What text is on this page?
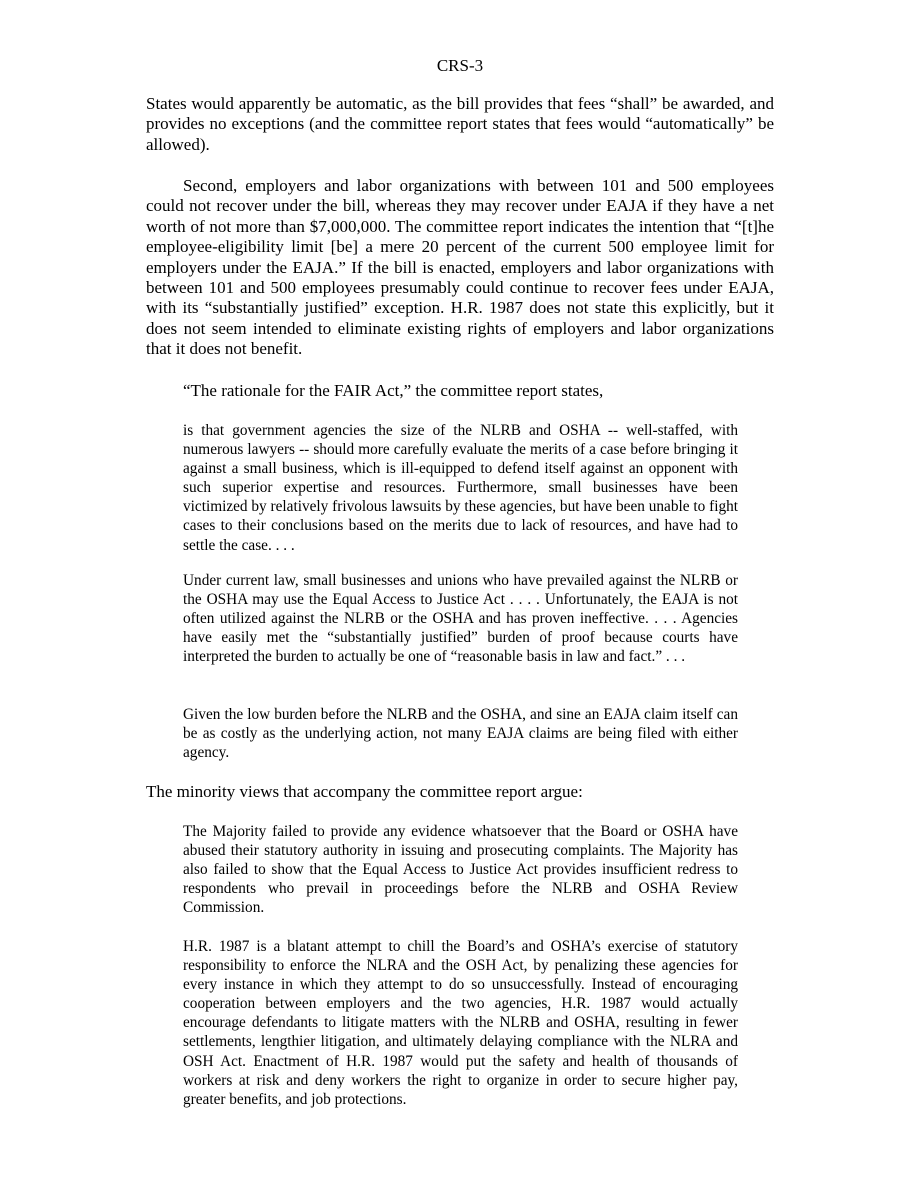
CRS-3

States would apparently be automatic, as the bill provides that fees “shall” be awarded, and provides no exceptions (and the committee report states that fees would “automatically” be allowed).

Second, employers and labor organizations with between 101 and 500 employees could not recover under the bill, whereas they may recover under EAJA if they have a net worth of not more than $7,000,000. The committee report indicates the intention that “[t]he employee-eligibility limit [be] a mere 20 percent of the current 500 employee limit for employers under the EAJA.” If the bill is enacted, employers and labor organizations with between 101 and 500 employees presumably could continue to recover fees under EAJA, with its “substantially justified” exception. H.R. 1987 does not state this explicitly, but it does not seem intended to eliminate existing rights of employers and labor organizations that it does not benefit.

“The rationale for the FAIR Act,” the committee report states,

is that government agencies the size of the NLRB and OSHA -- well-staffed, with numerous lawyers -- should more carefully evaluate the merits of a case before bringing it against a small business, which is ill-equipped to defend itself against an opponent with such superior expertise and resources. Furthermore, small businesses have been victimized by relatively frivolous lawsuits by these agencies, but have been unable to fight cases to their conclusions based on the merits due to lack of resources, and have had to settle the case. . . .

Under current law, small businesses and unions who have prevailed against the NLRB or the OSHA may use the Equal Access to Justice Act . . . . Unfortunately, the EAJA is not often utilized against the NLRB or the OSHA and has proven ineffective. . . . Agencies have easily met the “substantially justified” burden of proof because courts have interpreted the burden to actually be one of “reasonable basis in law and fact.” . . .

Given the low burden before the NLRB and the OSHA, and sine an EAJA claim itself can be as costly as the underlying action, not many EAJA claims are being filed with either agency.

The minority views that accompany the committee report argue:

The Majority failed to provide any evidence whatsoever that the Board or OSHA have abused their statutory authority in issuing and prosecuting complaints. The Majority has also failed to show that the Equal Access to Justice Act provides insufficient redress to respondents who prevail in proceedings before the NLRB and OSHA Review Commission.

H.R. 1987 is a blatant attempt to chill the Board’s and OSHA’s exercise of statutory responsibility to enforce the NLRA and the OSH Act, by penalizing these agencies for every instance in which they attempt to do so unsuccessfully. Instead of encouraging cooperation between employers and the two agencies, H.R. 1987 would actually encourage defendants to litigate matters with the NLRB and OSHA, resulting in fewer settlements, lengthier litigation, and ultimately delaying compliance with the NLRA and OSH Act. Enactment of H.R. 1987 would put the safety and health of thousands of workers at risk and deny workers the right to organize in order to secure higher pay, greater benefits, and job protections.
